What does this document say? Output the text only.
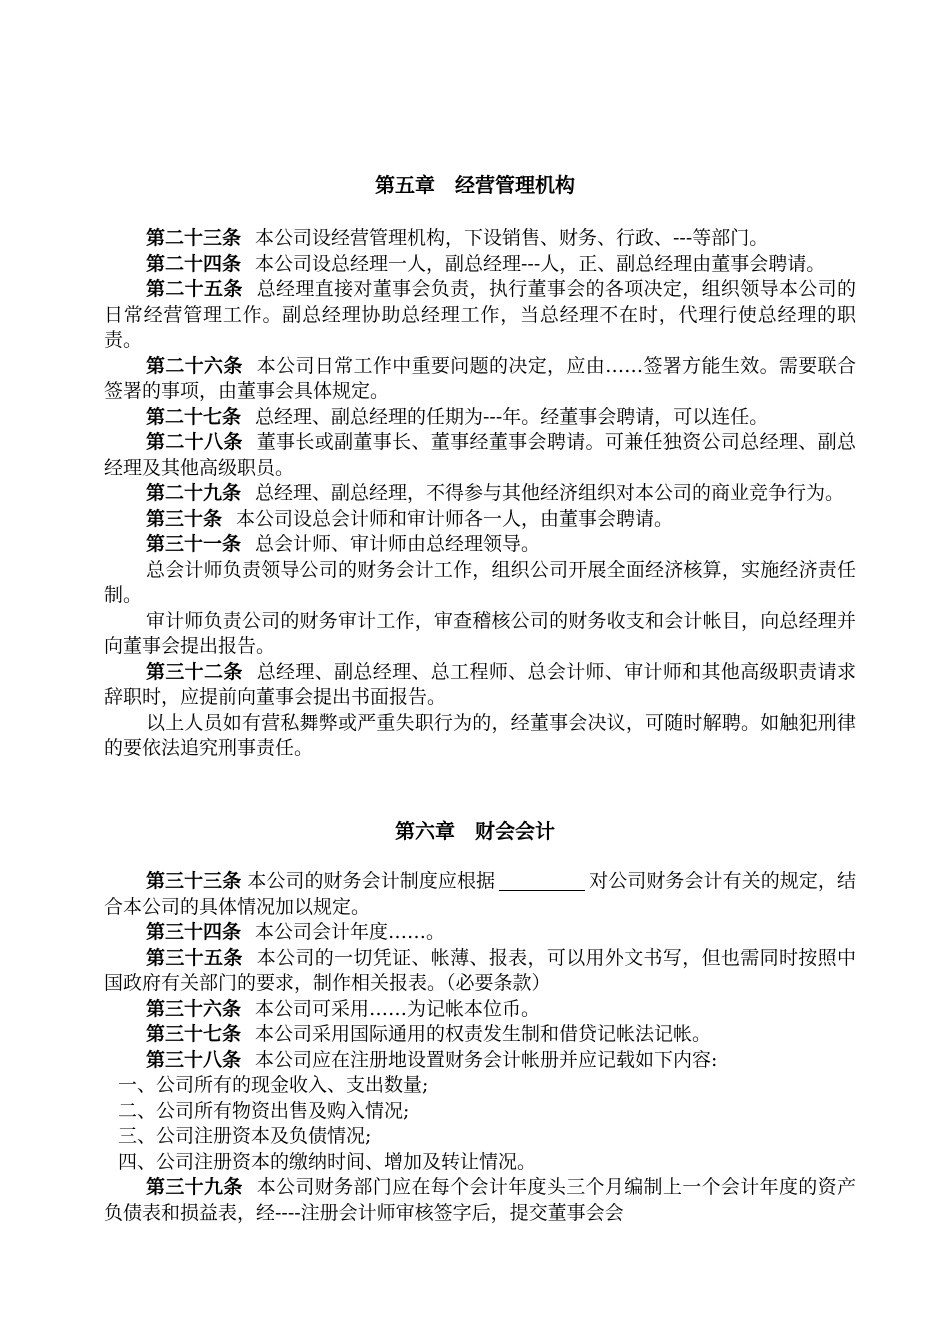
第五章　经营管理机构

第二十三条 本公司设经营管理机构，下设销售、财务、行政、---等部门。

第二十四条 本公司设总经理一人，副总经理---人，正、副总经理由董事会聘请。

第二十五条 总经理直接对董事会负责，执行董事会的各项决定，组织领导本公司的日常经营管理工作。副总经理协助总经理工作，当总经理不在时，代理行使总经理的职责。

第二十六条 本公司日常工作中重要问题的决定，应由……签署方能生效。需要联合签署的事项，由董事会具体规定。

第二十七条 总经理、副总经理的任期为---年。经董事会聘请，可以连任。

第二十八条 董事长或副董事长、董事经董事会聘请。可兼任独资公司总经理、副总经理及其他高级职员。

第二十九条 总经理、副总经理，不得参与其他经济组织对本公司的商业竞争行为。

第三十条 本公司设总会计师和审计师各一人，由董事会聘请。

第三十一条 总会计师、审计师由总经理领导。

总会计师负责领导公司的财务会计工作，组织公司开展全面经济核算，实施经济责任制。

审计师负责公司的财务审计工作，审查稽核公司的财务收支和会计帐目，向总经理并向董事会提出报告。

第三十二条 总经理、副总经理、总工程师、总会计师、审计师和其他高级职责请求辞职时，应提前向董事会提出书面报告。

以上人员如有营私舞弊或严重失职行为的，经董事会决议，可随时解聘。如触犯刑律的要依法追究刑事责任。

第六章　财会会计

第三十三条 本公司的财务会计制度应根据	对公司财务会计有关的规定，结合本公司的具体情况加以规定。

第三十四条 本公司会计年度……。

第三十五条 本公司的一切凭证、帐薄、报表，可以用外文书写，但也需同时按照中国政府有关部门的要求，制作相关报表。（必要条款）

第三十六条 本公司可采用……为记帐本位币。

第三十七条 本公司采用国际通用的权责发生制和借贷记帐法记帐。

第三十八条 本公司应在注册地设置财务会计帐册并应记载如下内容:

一、公司所有的现金收入、支出数量;

二、公司所有物资出售及购入情况;

三、公司注册资本及负债情况;

四、公司注册资本的缴纳时间、增加及转让情况。

第三十九条 本公司财务部门应在每个会计年度头三个月编制上一个会计年度的资产负债表和损益表，经----注册会计师审核签字后，提交董事会会
